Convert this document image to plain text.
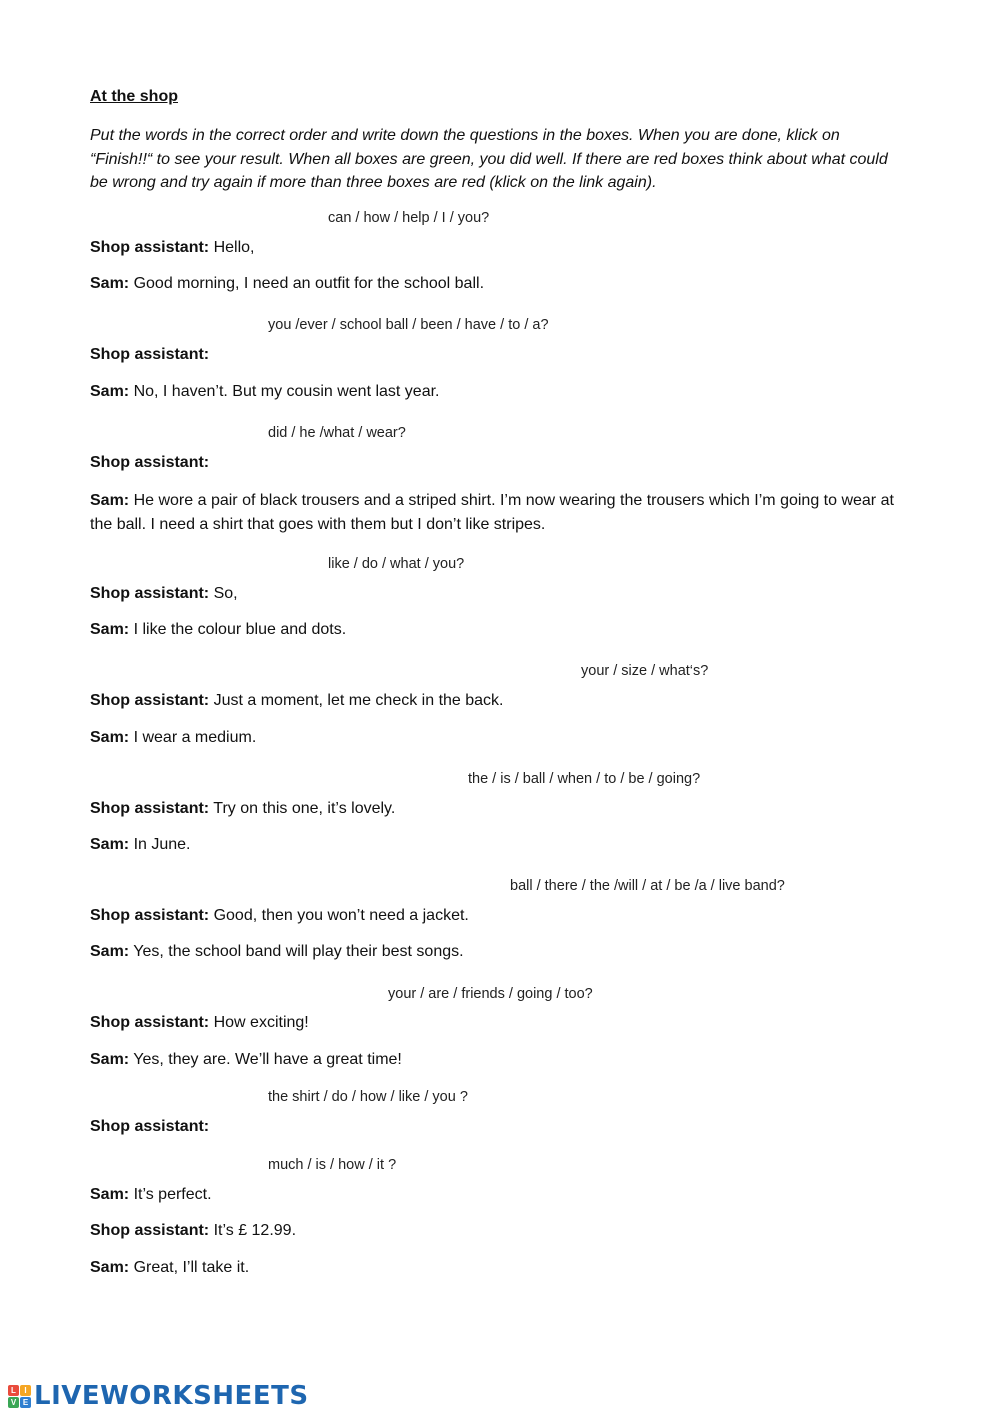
At the shop
Put the words in the correct order and write down the questions in the boxes. When you are done, klick on “Finish!!“ to see your result. When all boxes are green, you did well. If there are red boxes think about what could be wrong and try again if more than three boxes are red (klick on the link again).
can / how / help / I / you?
you /ever / school ball / been / have / to / a?
did / he /what / wear?
like / do / what / you?
your / size / what‘s?
the / is / ball / when / to / be / going?
ball / there / the /will / at / be /a / live band?
your / are / friends / going / too?
the shirt / do / how / like / you ?
much / is / how / it ?
Shop assistant: Hello,
Sam: Good morning, I need an outfit for the school ball.
Shop assistant:
Sam: No, I haven’t. But my cousin went last year.
Shop assistant:
Sam: He wore a pair of black trousers and a striped shirt. I’m now wearing the trousers which I’m going to wear at the ball. I need a shirt that goes with them but I don’t like stripes.
Shop assistant: So,
Sam: I like the colour blue and dots.
Shop assistant: Just a moment, let me check in the back.
Sam: I wear a medium.
Shop assistant: Try on this one, it’s lovely.
Sam: In June.
Shop assistant: Good, then you won’t need a jacket.
Sam: Yes, the school band will play their best songs.
Shop assistant: How exciting!
Sam: Yes, they are. We’ll have a great time!
Shop assistant:
Sam: It’s perfect.
Shop assistant: It’s £ 12.99.
Sam: Great, I’ll take it.
L	I
V E LIVEWORKSHEETS
